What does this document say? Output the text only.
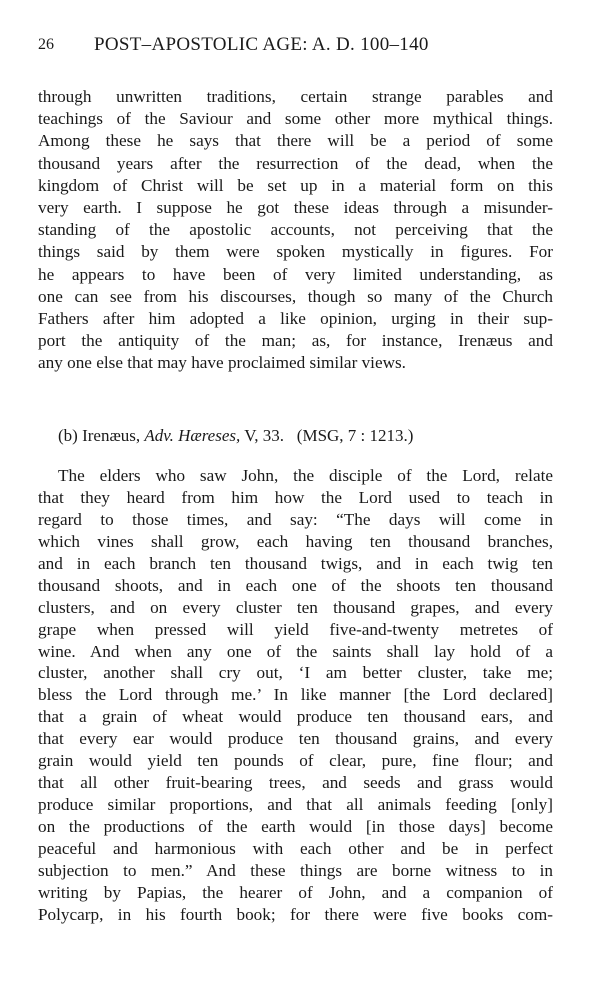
26 POST–APOSTOLIC AGE: A. D. 100–140
through unwritten traditions, certain strange parables and
teachings of the Saviour and some other more mythical things.
Among these he says that there will be a period of some
thousand years after the resurrection of the dead, when the
kingdom of Christ will be set up in a material form on this
very earth. I suppose he got these ideas through a misunder-
standing of the apostolic accounts, not perceiving that the
things said by them were spoken mystically in figures. For
he appears to have been of very limited understanding, as
one can see from his discourses, though so many of the Church
Fathers after him adopted a like opinion, urging in their sup-
port the antiquity of the man; as, for instance, Irenæus and
any one else that may have proclaimed similar views.
(b) Irenæus, Adv. Hæreses, V, 33. (MSG, 7 : 1213.)
The elders who saw John, the disciple of the Lord, relate
that they heard from him how the Lord used to teach in
regard to those times, and say: “The days will come in
which vines shall grow, each having ten thousand branches,
and in each branch ten thousand twigs, and in each twig ten
thousand shoots, and in each one of the shoots ten thousand
clusters, and on every cluster ten thousand grapes, and every
grape when pressed will yield five-and-twenty metretes of
wine. And when any one of the saints shall lay hold of a
cluster, another shall cry out, ‘I am better cluster, take me;
bless the Lord through me.’ In like manner [the Lord declared]
that a grain of wheat would produce ten thousand ears, and
that every ear would produce ten thousand grains, and every
grain would yield ten pounds of clear, pure, fine flour; and
that all other fruit-bearing trees, and seeds and grass would
produce similar proportions, and that all animals feeding [only]
on the productions of the earth would [in those days] become
peaceful and harmonious with each other and be in perfect
subjection to men.” And these things are borne witness to in
writing by Papias, the hearer of John, and a companion of
Polycarp, in his fourth book; for there were five books com-
